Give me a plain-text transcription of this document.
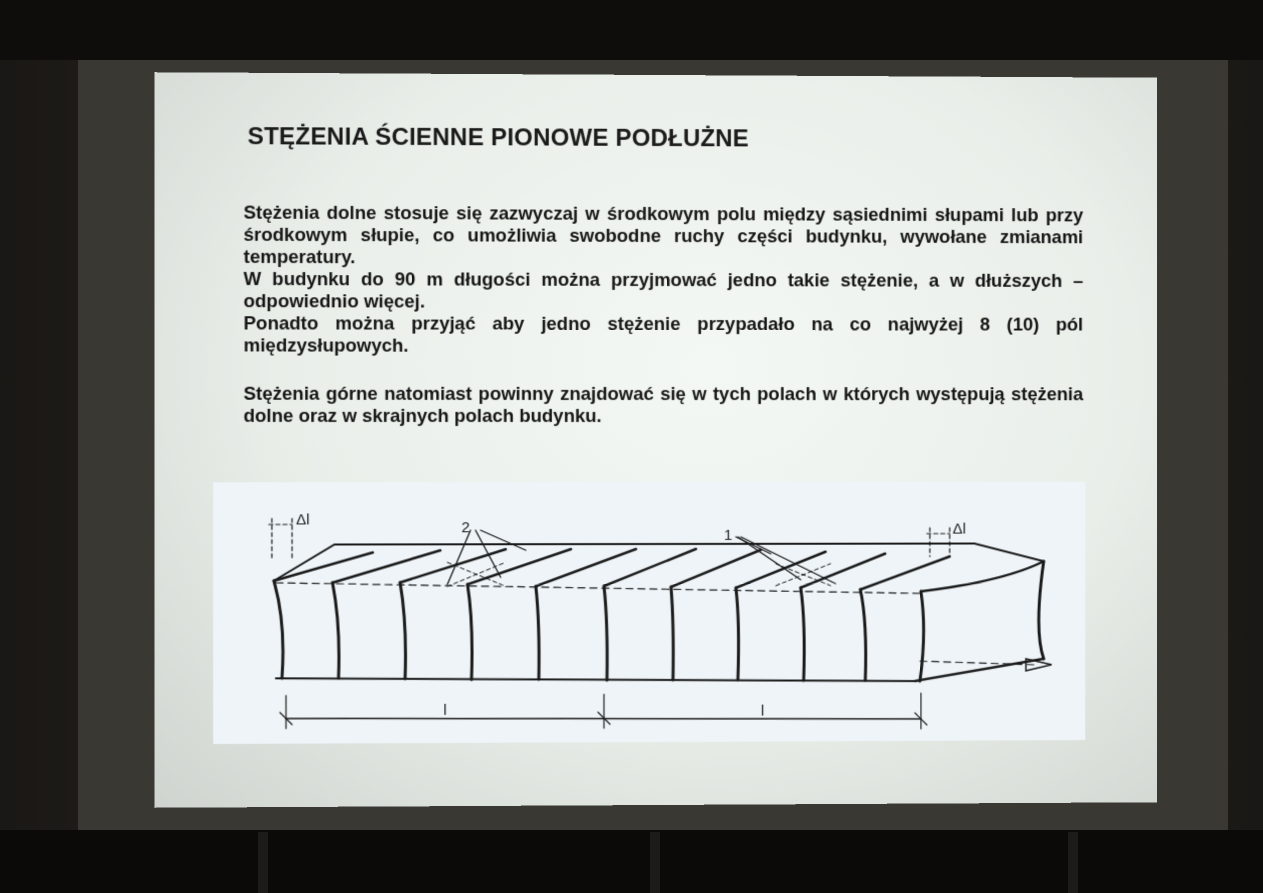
STĘŻENIA ŚCIENNE PIONOWE PODŁUŻNE

Stężenia dolne stosuje się zazwyczaj w środkowym polu między sąsiednimi słupami lub przy środkowym słupie, co umożliwia swobodne ruchy części budynku, wywołane zmianami temperatury.

W budynku do 90 m długości można przyjmować jedno takie stężenie, a w dłuższych – odpowiednio więcej.

Ponadto można przyjąć aby jedno stężenie przypadało na co najwyżej 8 (10) pól międzysłupowych.

Stężenia górne natomiast powinny znajdować się w tych polach w których występują stężenia dolne oraz w skrajnych polach budynku.

Δl
Δl
2	1
l	l
